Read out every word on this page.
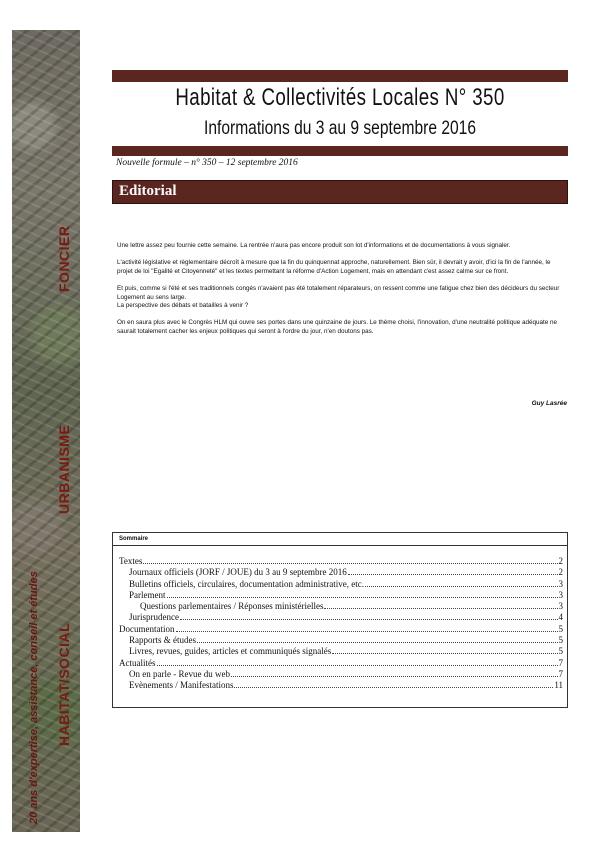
FONCIER
URBANISME
HABITAT/SOCIAL
20 ans d'expertise, assistance, conseil et études
Habitat & Collectivités Locales N° 350
Informations du 3 au 9 septembre 2016
Nouvelle formule – n° 350 – 12 septembre 2016
Editorial

Une lettre assez peu fournie cette semaine. La rentrée n'aura pas encore produit son lot d'informations et de documentations à vous signaler.

L'activité législative et règlementaire décroît à mesure que la fin du quinquennat approche, naturellement. Bien sûr, il devrait y avoir, d'ici la fin de l'année, le projet de loi "Egalité et Citoyenneté" et les textes permettant la réforme d'Action Logement, mais en attendant c'est assez calme sur ce front.

Et puis, comme si l'été et ses traditionnels congés n'avaient pas été totalement réparateurs, on ressent comme une fatigue chez bien des décideurs du secteur Logement au sens large.
La perspective des débats et batailles à venir ?

On en saura plus avec le Congrès HLM qui ouvre ses portes dans une quinzaine de jours. Le thème choisi, l'innovation, d'une neutralité politique adéquate ne saurait totalement cacher les enjeux politiques qui seront à l'ordre du jour, n'en doutons pas.

Guy Lasrée
Sommaire
Textes	2
Journaux officiels (JORF / JOUE) du 3 au 9 septembre 2016	2
Bulletins officiels, circulaires, documentation administrative, etc.	3
Parlement	3
Questions parlementaires / Réponses ministérielles	3
Jurisprudence	4
Documentation	5
Rapports & études	5
Livres, revues, guides, articles et communiqués signalés	5
Actualités	7
On en parle - Revue du web	7
Evènements / Manifestations	11
